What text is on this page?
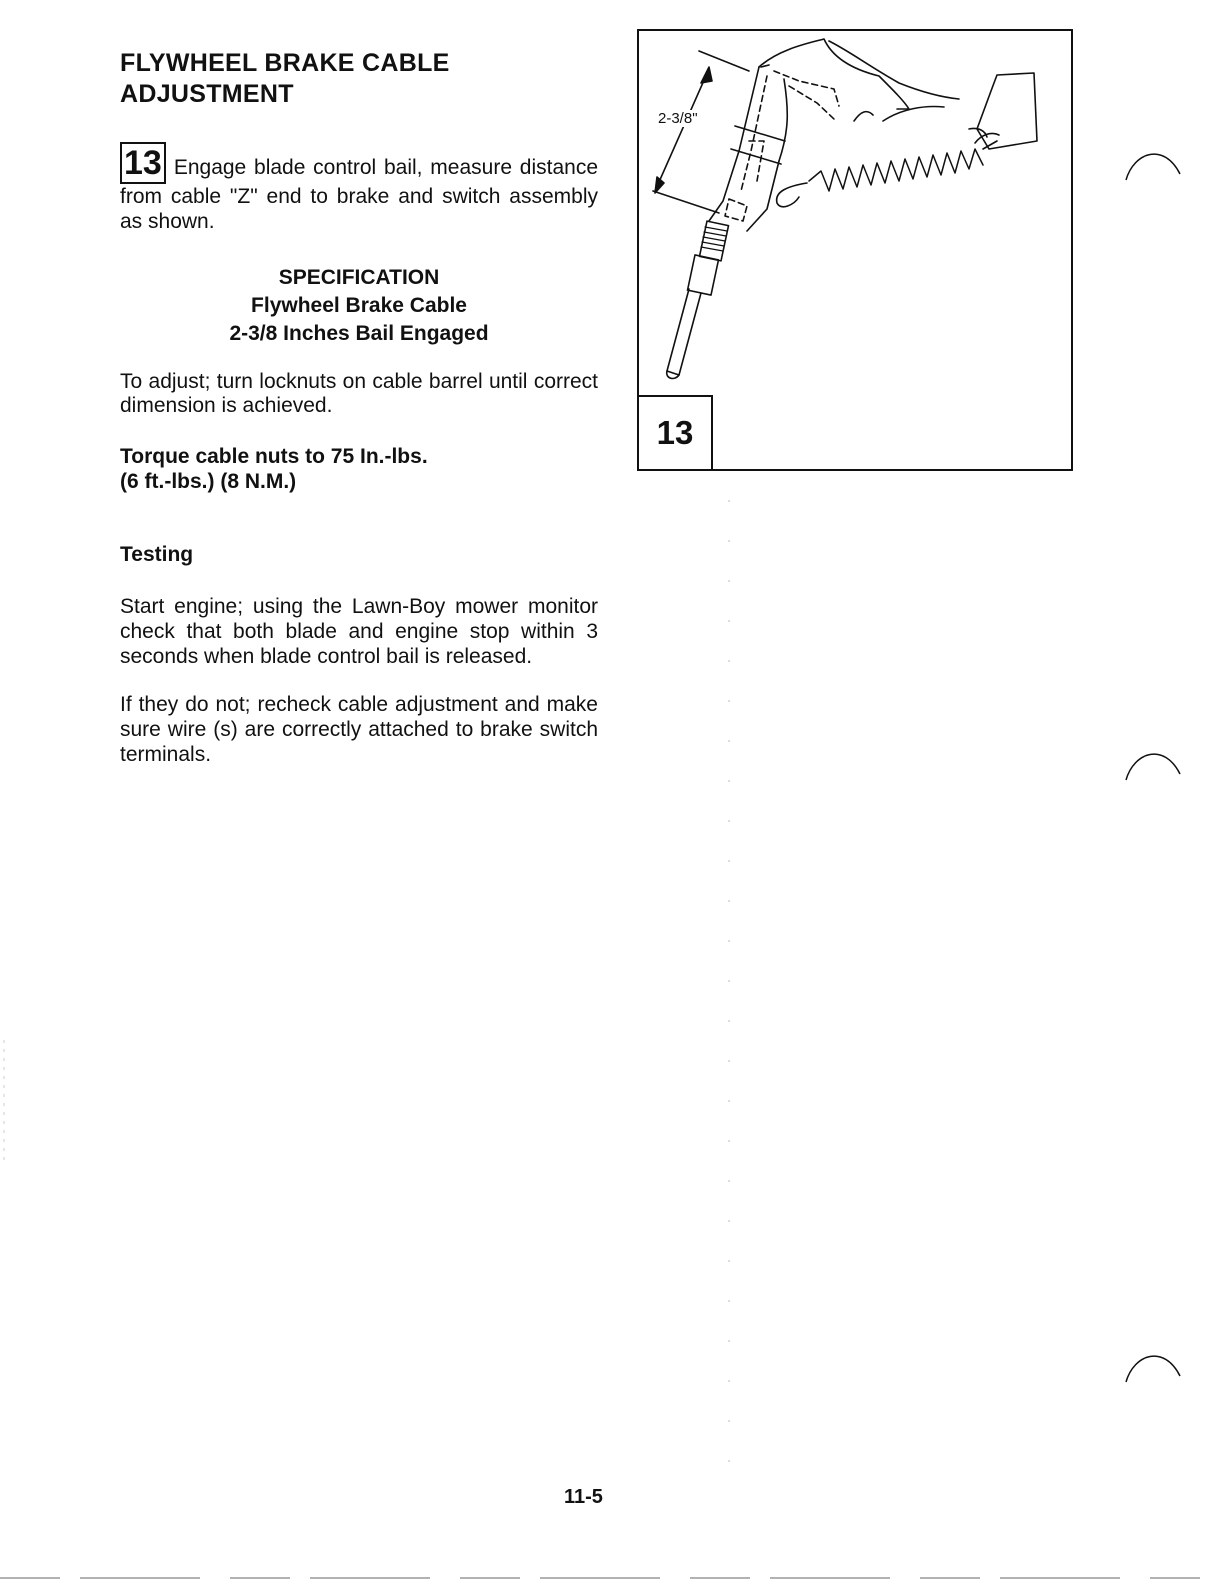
FLYWHEEL BRAKE CABLE
ADJUSTMENT

13 Engage blade control bail, measure distance from cable "Z" end to brake and switch assembly as shown.

SPECIFICATION
Flywheel Brake Cable
2-3/8 Inches Bail Engaged

To adjust; turn locknuts on cable barrel until correct dimension is achieved.

Torque cable nuts to 75 In.-lbs.
(6 ft.-lbs.) (8 N.M.)
Testing

Start engine; using the Lawn-Boy mower monitor check that both blade and engine stop within 3 seconds when blade control bail is released.

If they do not; recheck cable adjustment and make sure wire (s) are correctly attached to brake switch terminals.

2-3/8"
13

11-5
